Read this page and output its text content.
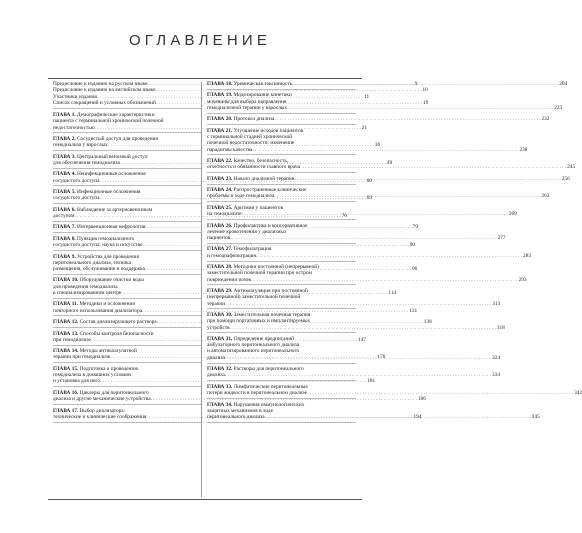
ОГЛАВЛЕНИЕ
Предисловие к изданию на русском языке . . .	9
Предисловие к изданию на английском языке . . .	10
Участники издания . . .	11
Список сокращений и условных обозначений . . .	19
ГЛАВА 1. Демографические характеристики
пациента с терминальной хронической почечной
недостаточностью . . .	21
ГЛАВА 2. Сосудистый доступ для проведения
гемодиализа у взрослых . . .	36
ГЛАВА 3. Центральный венозный доступ
для обеспечения гемодиализа . . .	49
ГЛАВА 4. Неинфекционные осложнения
сосудистого доступа . . .	60
ГЛАВА 5. Инфекционные осложнения
сосудистого доступа . . .	69
ГЛАВА 6. Наблюдение за артериовенозным
доступом . . .	76
ГЛАВА 7. Интервенционная нефрология . . .	79
ГЛАВА 8. Пункция гемодиализного
сосудистого доступа: наука и искусство . . .	90
ГЛАВА 9. Устройства для проведения
перитонеального диализа, техника
размещения, обслуживание и поддержка . . .	96
ГЛАВА 10. Оборудование очистки воды
для проведения гемодиализа
в специализированном центре . . .	114
ГЛАВА 11. Методики и осложнения
повторного использования диализатора . . .	131
ГЛАВА 12. Состав диализирующего раствора . . .	138
ГЛАВА 13. Способы контроля безопасности
при гемодиализе . . .	147
ГЛАВА 14. Методы антикоагулятной
терапии при гемодиализе . . .	170
ГЛАВА 15. Подготовка к проведению
гемодиализа в домашних условиях
и установка для него . . .	181
ГЛАВА 16. Циклеры для перитонеального
диализа и другие механические устройства . . .	186
ГЛАВА 17. Выбор диализатора:
технические и клинические соображения . . .	194
ГЛАВА 18. Уремическая токсичность . . .	204
ГЛАВА 19. Моделирование кинетики
мочевины для выбора направления
гемодиализной терапии у взрослых . . .	223
ГЛАВА 20. Протокол диализа . . .	232
ГЛАВА 21. Улучшение исходов пациентов
с терминальной стадией хронической
почечной недостаточности: изменение
парадигмы качества . . .	238
ГЛАВА 22. Качество, безопасность,
отчетность и обязанности главного врача . . .	245
ГЛАВА 23. Начало диализной терапии . . .	256
ГЛАВА 24. Распространенные клинические
проблемы в ходе гемодиализа . . .	263
ГЛАВА 25. Аритмии у пациентов
на гемодиализе . . .	269
ГЛАВА 26. Профилактика и консервативное
лечение кровотечения у диализных
пациентов . . .	277
ГЛАВА 27. Гемофильтрация
и гемодиафильтрация . . .	283
ГЛАВА 28. Методики постоянной (непрерывной)
заместительной почечной терапии при остром
повреждении почек . . .	293
ГЛАВА 29. Антикоагуляция при постоянной
(непрерывной) заместительной почечной
терапии . . .	313
ГЛАВА 30. Заместительная почечная терапия
при помощи портативных и имплантируемых
устройств . . .	318
ГЛАВА 31. Определение предписаний
амбулаторного перитонеального диализа
и автоматизированного перитонеального
диализа . . .	324
ГЛАВА 32. Растворы для перитонеального
диализа . . .	334
ГЛАВА 33. Лимфатические перитонеальные
потери жидкости в перитонеальном диализе . . .	342
ГЛАВА 34. Нарушения иммунологических
защитных механизмов в ходе
перитонеального диализа . . .	345
